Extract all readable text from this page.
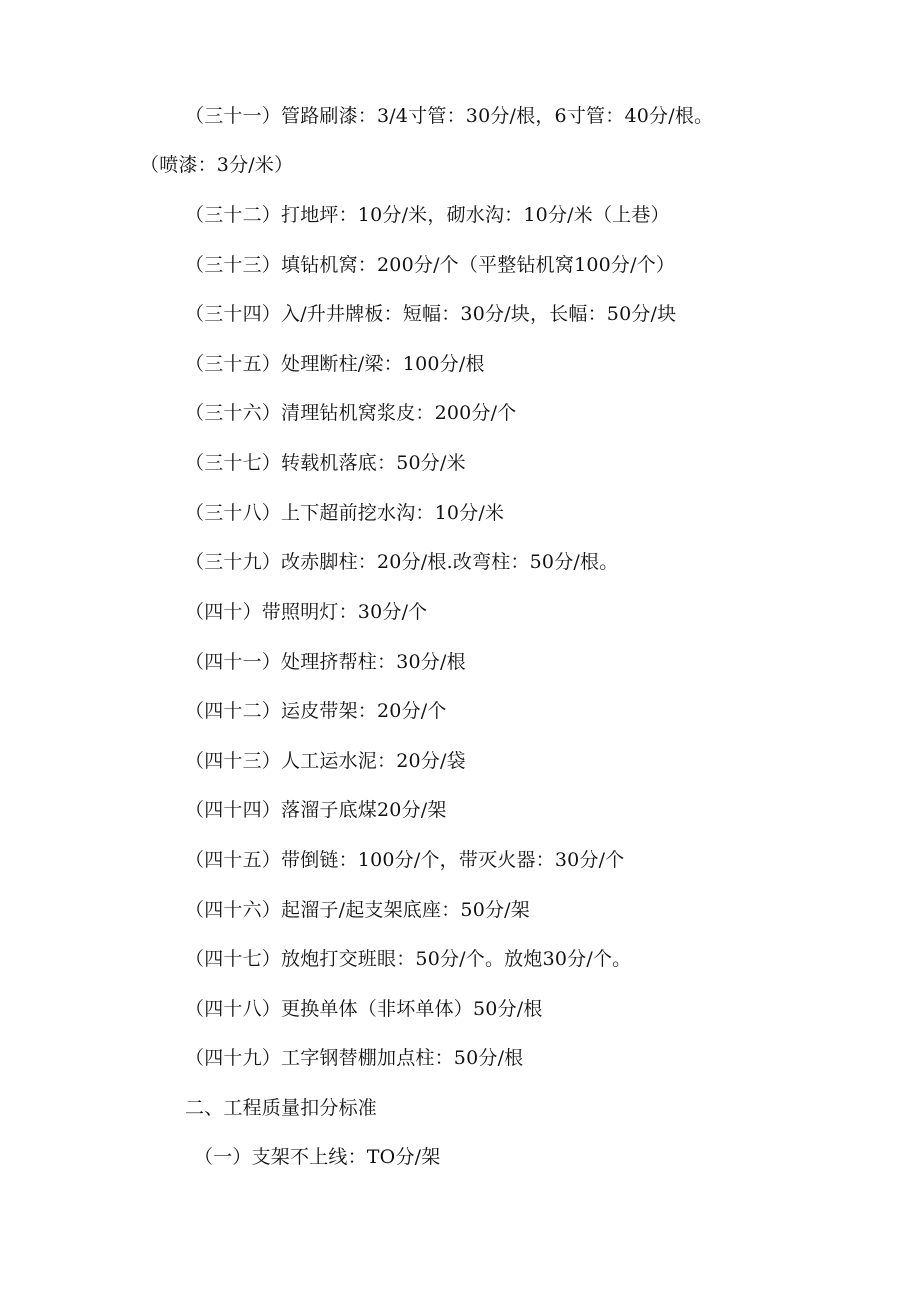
（三十一）管路刷漆：3/4寸管：30分/根，6寸管：40分/根。
（喷漆：3分/米）
（三十二）打地坪：10分/米，砌水沟：10分/米（上巷）
（三十三）填钻机窝：200分/个（平整钻机窝100分/个）
（三十四）入/升井牌板：短幅：30分/块，长幅：50分/块
（三十五）处理断柱/梁：100分/根
（三十六）清理钻机窝浆皮：200分/个
（三十七）转载机落底：50分/米
（三十八）上下超前挖水沟：10分/米
（三十九）改赤脚柱：20分/根.改弯柱：50分/根。
（四十）带照明灯：30分/个
（四十一）处理挤帮柱：30分/根
（四十二）运皮带架：20分/个
（四十三）人工运水泥：20分/袋
（四十四）落溜子底煤20分/架
（四十五）带倒链：100分/个，带灭火器：30分/个
（四十六）起溜子/起支架底座：50分/架
（四十七）放炮打交班眼：50分/个。放炮30分/个。
（四十八）更换单体（非坏单体）50分/根
（四十九）工字钢替棚加点柱：50分/根
二、工程质量扣分标准
（一）支架不上线：TO分/架
